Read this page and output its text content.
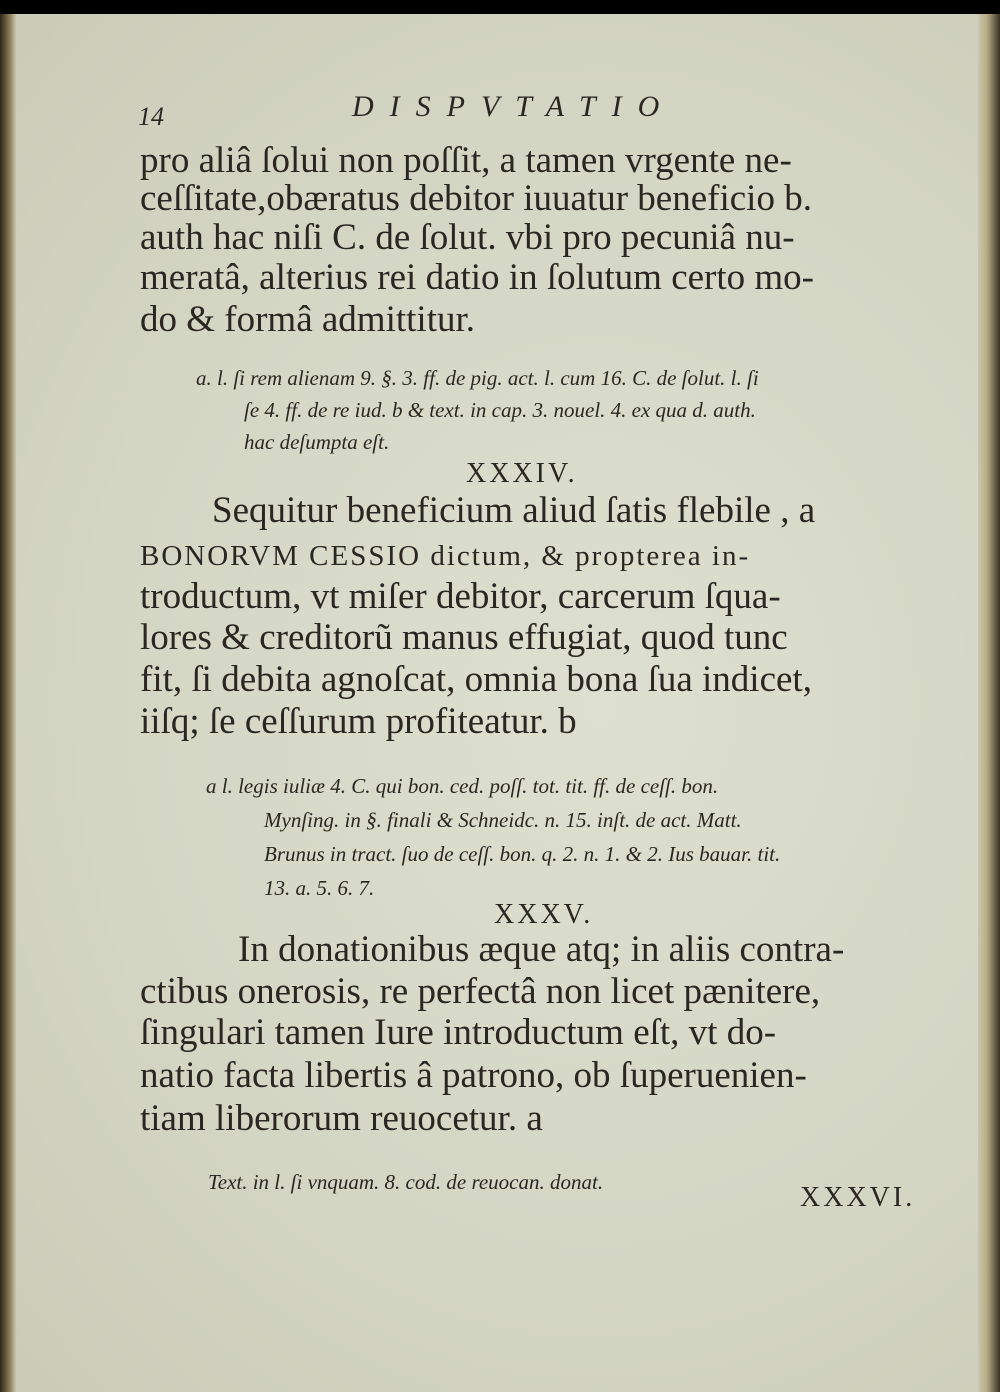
14	DISPVTATIO
pro aliâ ſolui non poſſit, a tamen vrgente ne-
ceſſitate,obæratus debitor iuuatur beneficio b.
auth hac niſi C. de ſolut. vbi pro pecuniâ nu-
meratâ, alterius rei datio in ſolutum certo mo-
do & formâ admittitur.
a. l. ſi rem alienam 9. §. 3. ff. de pig. act. l. cum 16. C. de ſolut. l. ſi
ſe 4. ff. de re iud. b & text. in cap. 3. nouel. 4. ex qua d. auth.
hac deſumpta eſt.
XXXIV.
Sequitur beneficium aliud ſatis flebile , a
BONORVM CESSIO dictum, & propterea in-
troductum, vt miſer debitor, carcerum ſqua-
lores & creditorũ manus effugiat, quod tunc
fit, ſi debita agnoſcat, omnia bona ſua indicet,
iiſq; ſe ceſſurum profiteatur. b
a l. legis iuliæ 4. C. qui bon. ced. poſſ. tot. tit. ff. de ceſſ. bon.
Mynſing. in §. finali & Schneidc. n. 15. inſt. de act. Matt.
Brunus in tract. ſuo de ceſſ. bon. q. 2. n. 1. & 2. Ius bauar. tit.
13. a. 5. 6. 7.
XXXV.
In donationibus æque atq; in aliis contra-
ctibus onerosis, re perfectâ non licet pænitere,
ſingulari tamen Iure introductum eſt, vt do-
natio facta libertis â patrono, ob ſuperuenien-
tiam liberorum reuocetur. a
Text. in l. ſi vnquam. 8. cod. de reuocan. donat.	XXXVI.
